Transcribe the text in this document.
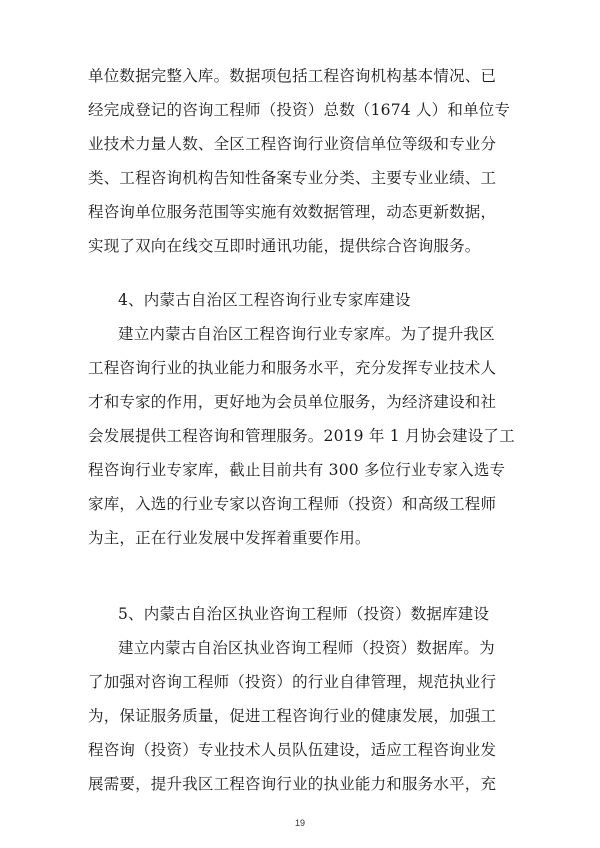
单位数据完整入库。数据项包括工程咨询机构基本情况、已
经完成登记的咨询工程师（投资）总数（1674 人）和单位专
业技术力量人数、全区工程咨询行业资信单位等级和专业分
类、工程咨询机构告知性备案专业分类、主要专业业绩、工
程咨询单位服务范围等实施有效数据管理，动态更新数据，
实现了双向在线交互即时通讯功能，提供综合咨询服务。
4、内蒙古自治区工程咨询行业专家库建设
建立内蒙古自治区工程咨询行业专家库。为了提升我区
工程咨询行业的执业能力和服务水平，充分发挥专业技术人
才和专家的作用，更好地为会员单位服务，为经济建设和社
会发展提供工程咨询和管理服务。2019 年 1 月协会建设了工
程咨询行业专家库，截止目前共有 300 多位行业专家入选专
家库，入选的行业专家以咨询工程师（投资）和高级工程师
为主，正在行业发展中发挥着重要作用。
5、内蒙古自治区执业咨询工程师（投资）数据库建设
建立内蒙古自治区执业咨询工程师（投资）数据库。为
了加强对咨询工程师（投资）的行业自律管理，规范执业行
为，保证服务质量，促进工程咨询行业的健康发展，加强工
19
程咨询（投资）专业技术人员队伍建设，适应工程咨询业发
展需要，提升我区工程咨询行业的执业能力和服务水平，充
